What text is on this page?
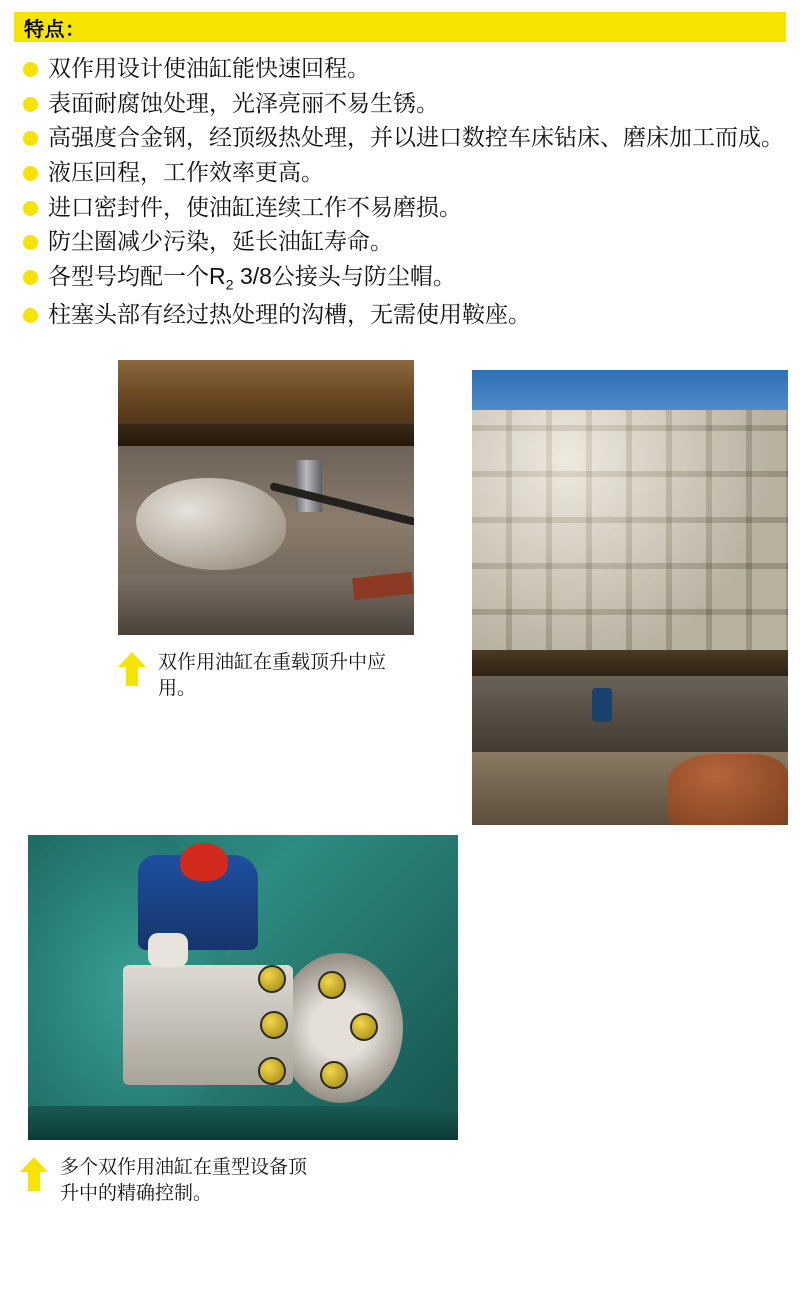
特点：
双作用设计使油缸能快速回程。
表面耐腐蚀处理，光泽亮丽不易生锈。
高强度合金钢，经顶级热处理，并以进口数控车床钻床、磨床加工而成。
液压回程，工作效率更高。
进口密封件，使油缸连续工作不易磨损。
防尘圈减少污染，延长油缸寿命。
各型号均配一个$R_2$ 3/8公接头与防尘帽。
柱塞头部有经过热处理的沟槽，无需使用鞍座。
双作用油缸在重载顶升中应用。
多个双作用油缸在重型设备顶升中的精确控制。
